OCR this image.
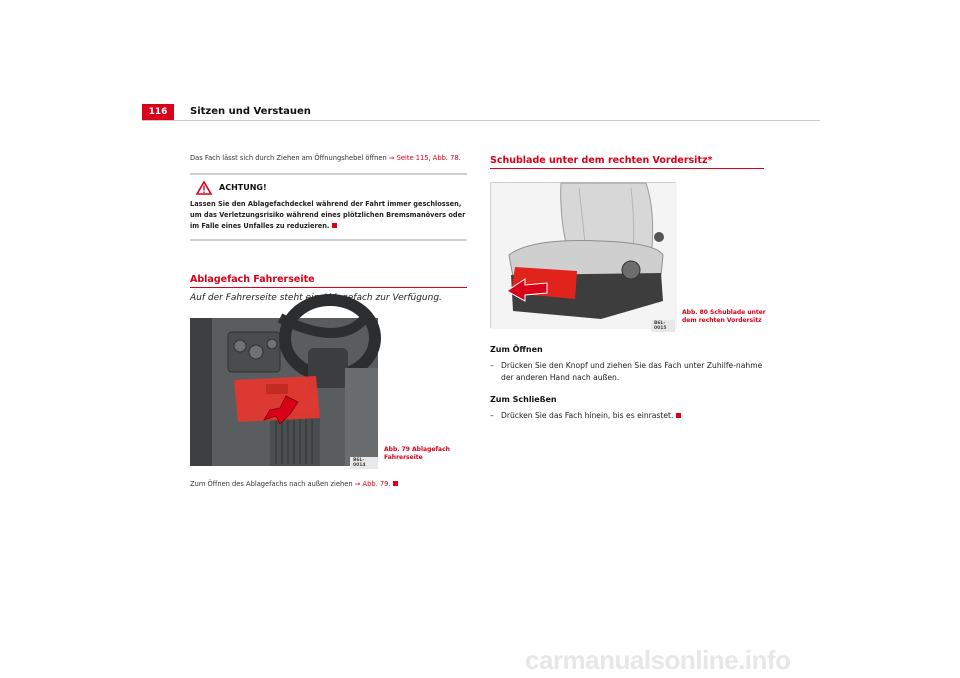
116	Sitzen und Verstauen

Das Fach lässt sich durch Ziehen am Öffnungshebel öffnen ⇒ Seite 115, Abb. 78.

ACHTUNG!

Lassen Sie den Ablagefachdeckel während der Fahrt immer geschlossen, um das Verletzungsrisiko während eines plötzlichen Bremsmanövers oder im Falle eines Unfalles zu reduzieren.

Ablagefach Fahrerseite
Auf der Fahrerseite steht ein Ablagefach zur Verfügung.
B6L-0014
Abb. 79 Ablagefach
Fahrerseite

Zum Öffnen des Ablagefachs nach außen ziehen ⇒ Abb. 79.

Schublade unter dem rechten Vordersitz*
B6L-0015
Abb. 80 Schublade unter
dem rechten Vordersitz
Zum Öffnen
– Drücken Sie den Knopf und ziehen Sie das Fach unter Zuhilfe-nahme der anderen Hand nach außen.
Zum Schließen
– Drücken Sie das Fach hinein, bis es einrastet.
carmanualsonline.info
